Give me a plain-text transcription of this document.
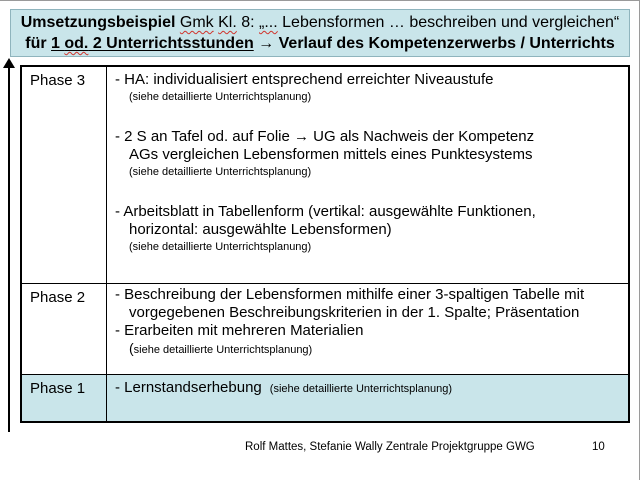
Umsetzungsbeispiel Gmk Kl. 8: „... Lebensformen … beschreiben und vergleichen“
für 1 od. 2 Unterrichtsstunden → Verlauf des Kompetenzerwerbs / Unterrichts
Phase 3	- HA: individualisiert entsprechend erreichter Niveaustufe
(siehe detaillierte Unterrichtsplanung)
- 2 S an Tafel od. auf Folie → UG als Nachweis der Kompetenz
AGs vergleichen Lebensformen mittels eines Punktesystems
(siehe detaillierte Unterrichtsplanung)
- Arbeitsblatt in Tabellenform (vertikal: ausgewählte Funktionen,
horizontal: ausgewählte Lebensformen)
(siehe detaillierte Unterrichtsplanung)
Phase 2	- Beschreibung der Lebensformen mithilfe einer 3-spaltigen Tabelle mit
vorgegebenen Beschreibungskriterien in der 1. Spalte; Präsentation
- Erarbeiten mit mehreren Materialien
(siehe detaillierte Unterrichtsplanung)
Phase 1	- Lernstandserhebung (siehe detaillierte Unterrichtsplanung)
Rolf Mattes, Stefanie Wally Zentrale Projektgruppe GWG	10
